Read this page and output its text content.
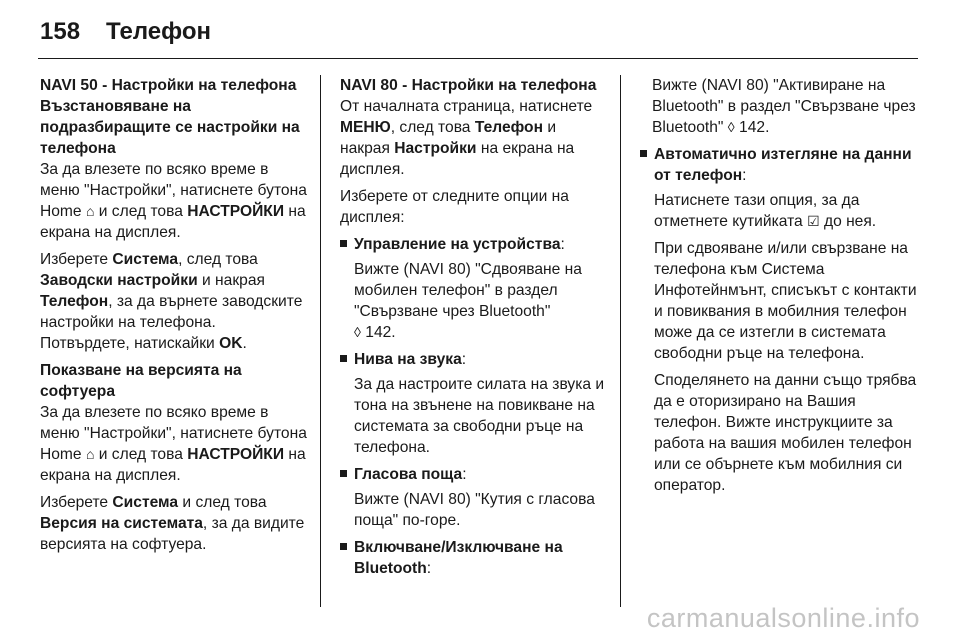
158 Телефон
NAVI 50 - Настройки на телефона
Възстановяване на подразбиращите се настройки на телефона

За да влезете по всяко време в меню "Настройки", натиснете бутона Home ⌂ и след това НАСТРОЙКИ на екрана на дисплея.

Изберете Система, след това Заводски настройки и накрая Телефон, за да върнете заводските настройки на телефона. Потвърдете, натискайки OK.

Показване на версията на софтуера

За да влезете по всяко време в меню "Настройки", натиснете бутона Home ⌂ и след това НАСТРОЙКИ на екрана на дисплея.

Изберете Система и след това Версия на системата, за да видите версията на софтуера.

NAVI 80 - Настройки на телефона

От началната страница, натиснете МЕНЮ, след това Телефон и накрая Настройки на екрана на дисплея.

Изберете от следните опции на дисплея:

Управление на устройства:

Вижте (NAVI 80) "Сдвояване на мобилен телефон" в раздел "Свързване чрез Bluetooth"
◊ 142.

Нива на звука:

За да настроите силата на звука и тона на звънене на повикване на системата за свободни ръце на телефона.

Гласова поща:

Вижте (NAVI 80) "Кутия с гласова поща" по-горе.

Включване/Изключване на Bluetooth:

Вижте (NAVI 80) "Активиране на Bluetooth" в раздел "Свързване чрез Bluetooth" ◊ 142.

Автоматично изтегляне на данни от телефон:

Натиснете тази опция, за да отметнете кутийката ☑ до нея.

При сдвояване и/или свързване на телефона към Система Инфотейнмънт, списъкът с контакти и повиквания в мобилния телефон може да се изтегли в системата свободни ръце на телефона.

Споделянето на данни също трябва да е оторизирано на Вашия телефон. Вижте инструкциите за работа на вашия мобилен телефон или се обърнете към мобилния си оператор.

carmanualsonline.info
